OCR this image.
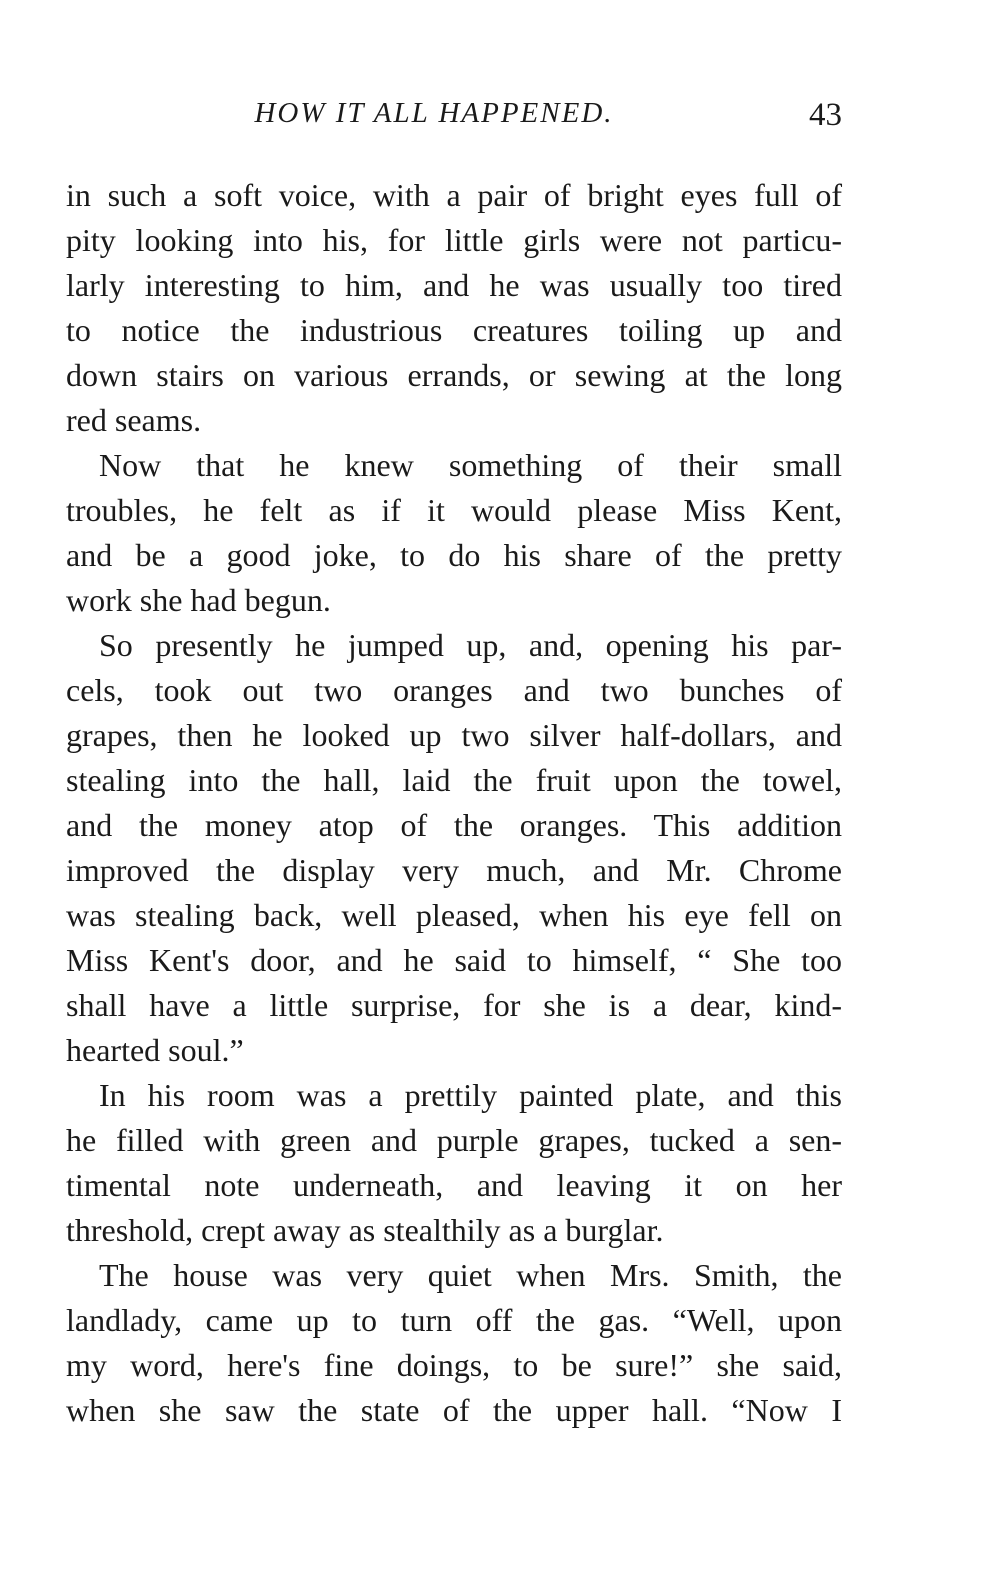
HOW IT ALL HAPPENED.	43
in such a soft voice, with a pair of bright eyes full of
pity looking into his, for little girls were not particu-
larly interesting to him, and he was usually too tired
to notice the industrious creatures toiling up and
down stairs on various errands, or sewing at the long
red seams.
Now that he knew something of their small
troubles, he felt as if it would please Miss Kent,
and be a good joke, to do his share of the pretty
work she had begun.
So presently he jumped up, and, opening his par-
cels, took out two oranges and two bunches of
grapes, then he looked up two silver half-dollars, and
stealing into the hall, laid the fruit upon the towel,
and the money atop of the oranges. This addition
improved the display very much, and Mr. Chrome
was stealing back, well pleased, when his eye fell on
Miss Kent's door, and he said to himself, “ She too
shall have a little surprise, for she is a dear, kind-
hearted soul.”
In his room was a prettily painted plate, and this
he filled with green and purple grapes, tucked a sen-
timental note underneath, and leaving it on her
threshold, crept away as stealthily as a burglar.
The house was very quiet when Mrs. Smith, the
landlady, came up to turn off the gas. “Well, upon
my word, here's fine doings, to be sure!” she said,
when she saw the state of the upper hall. “Now I
